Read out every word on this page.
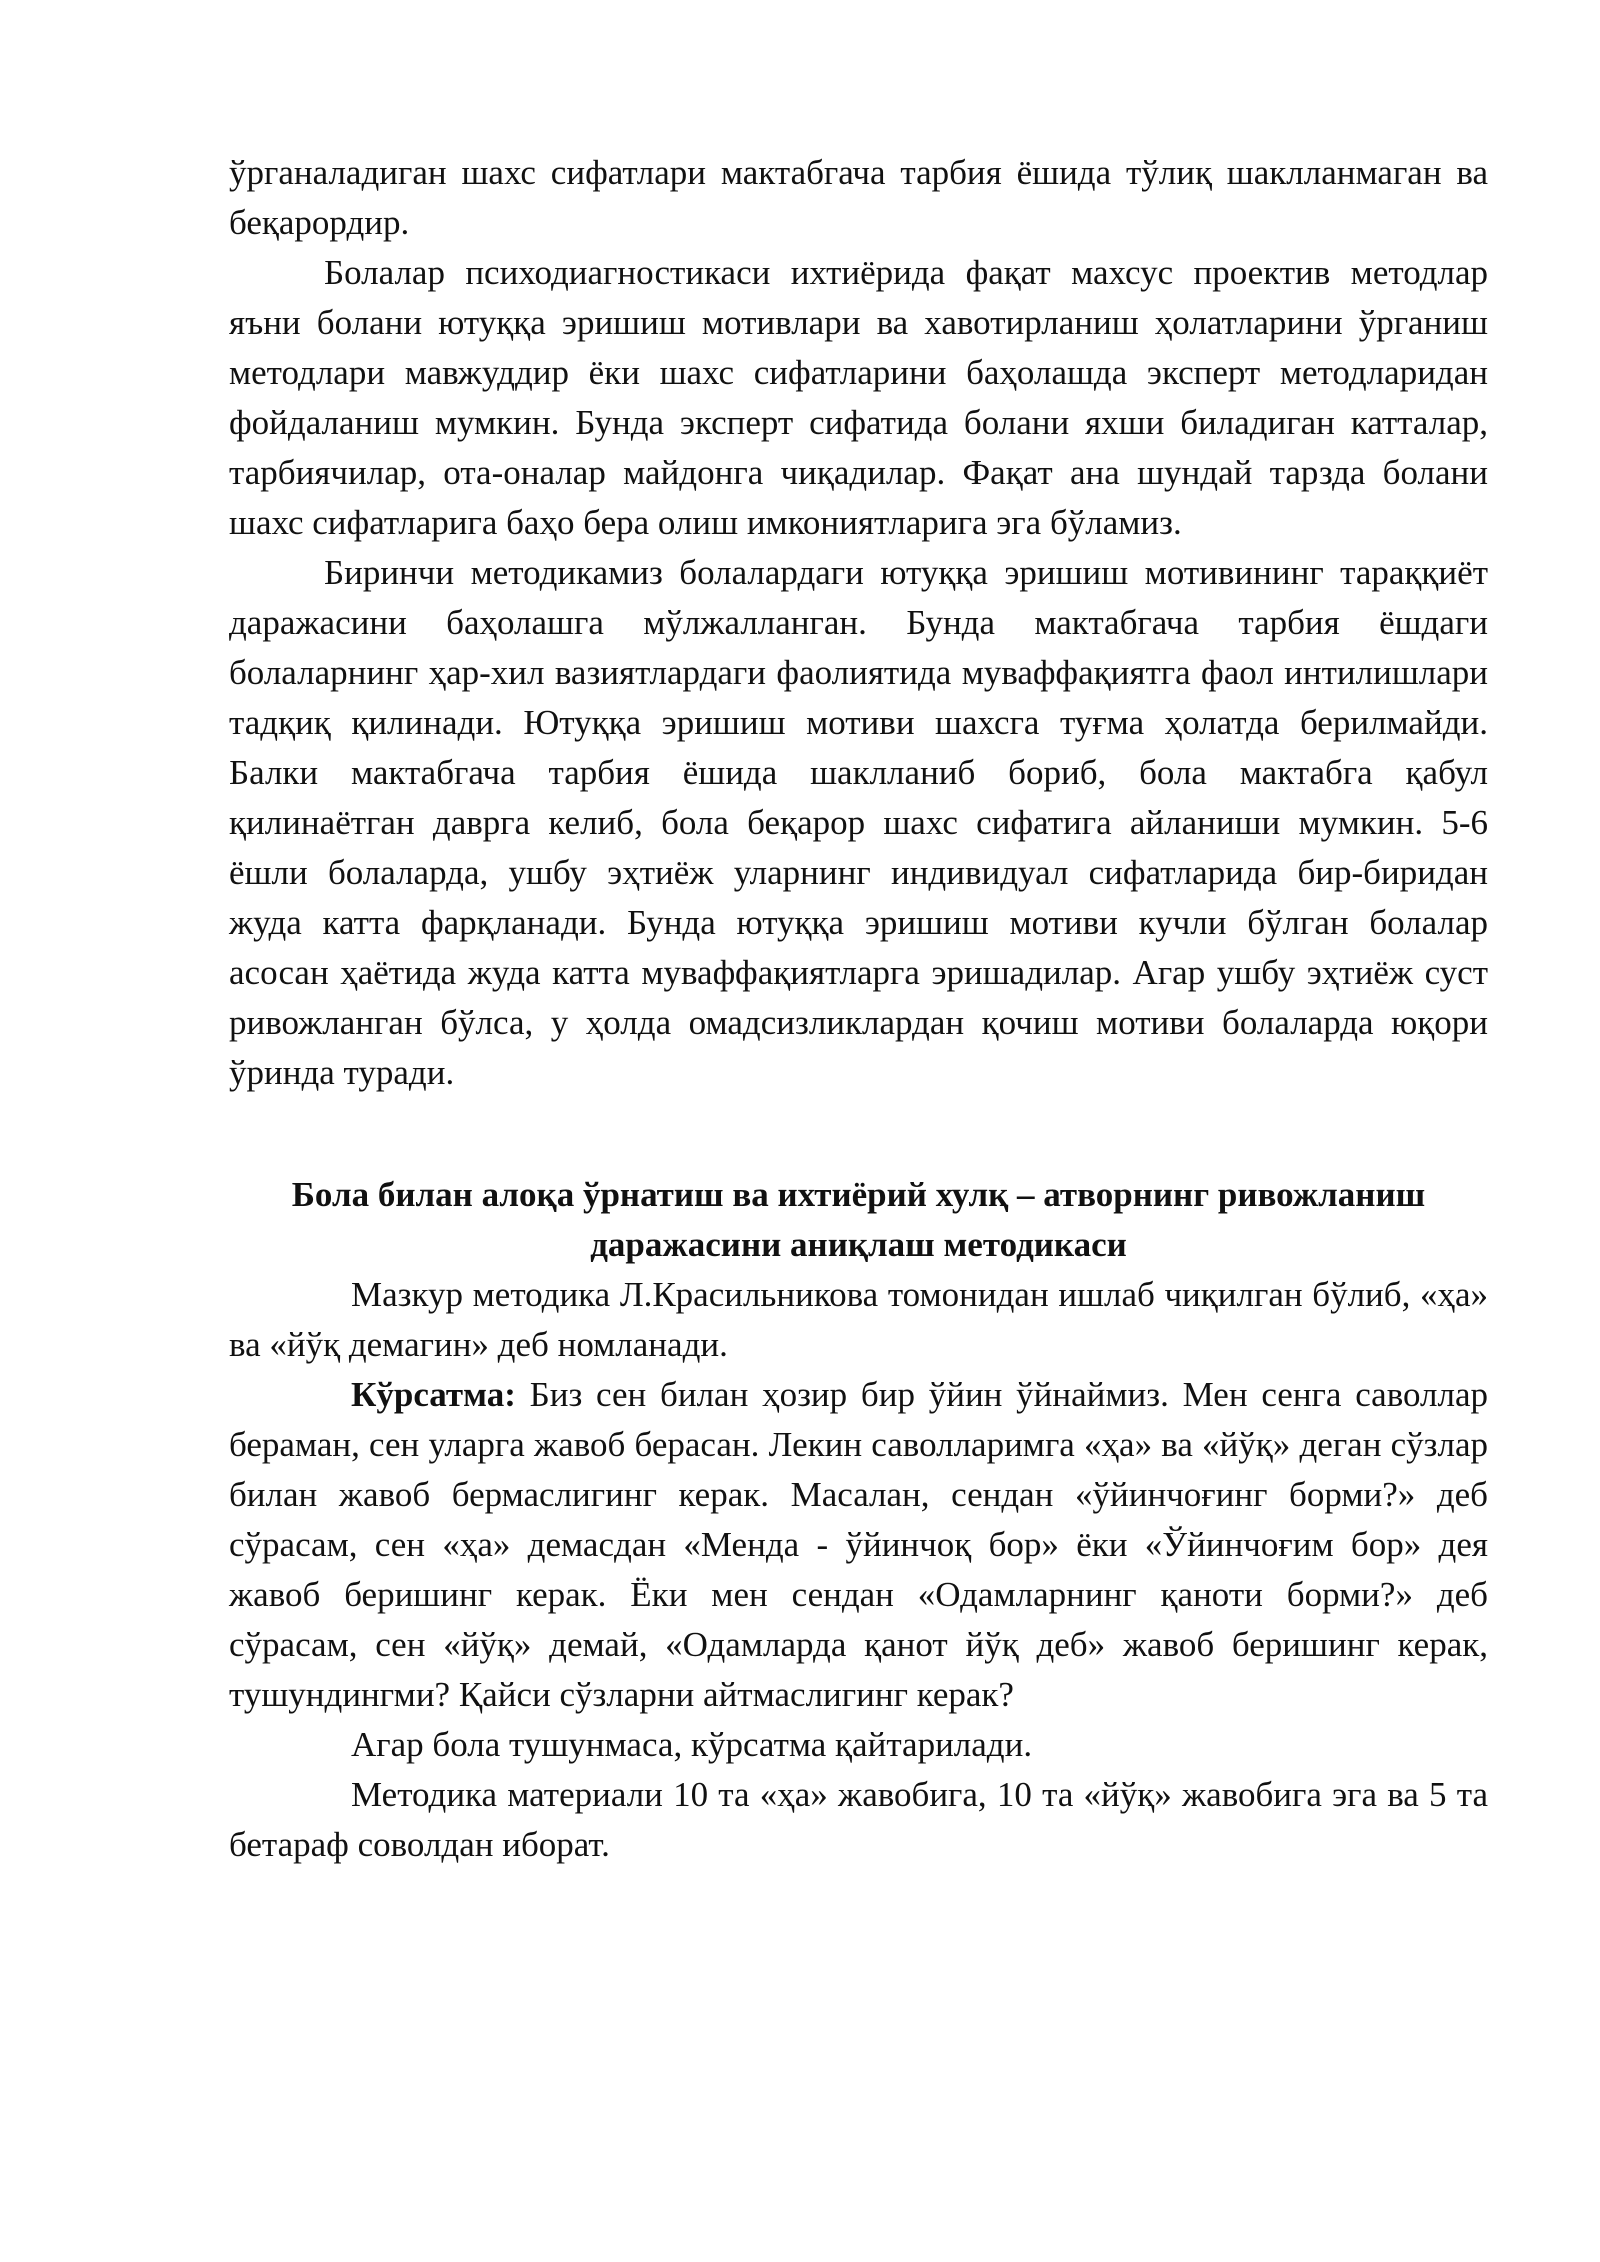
ўрганаладиган шахс сифатлари мактабгача тарбия ёшида тўлиқ шаклланмаган ва беқарордир.

Болалар психодиагностикаси ихтиёрида фақат махсус проектив методлар яъни болани ютуққа эришиш мотивлари ва хавотирланиш ҳолатларини ўрганиш методлари мавжуддир ёки шахс сифатларини баҳолашда эксперт методларидан фойдаланиш мумкин. Бунда эксперт сифатида болани яхши биладиган катталар, тарбиячилар, ота-оналар майдонга чиқадилар. Фақат ана шундай тарзда болани шахс сифатларига баҳо бера олиш имкониятларига эга бўламиз.

Биринчи методикамиз болалардаги ютуққа эришиш мотивининг тараққиёт даражасини баҳолашга мўлжалланган. Бунда мактабгача тарбия ёшдаги болаларнинг ҳар-хил вазиятлардаги фаолиятида муваффақиятга фаол интилишлари тадқиқ қилинади. Ютуққа эришиш мотиви шахсга туғма ҳолатда берилмайди. Балки мактабгача тарбия ёшида шаклланиб бориб, бола мактабга қабул қилинаётган даврга келиб, бола беқарор шахс сифатига айланиши мумкин. 5-6 ёшли болаларда, ушбу эҳтиёж уларнинг индивидуал сифатларида бир-биридан жуда катта фарқланади. Бунда ютуққа эришиш мотиви кучли бўлган болалар асосан ҳаётида жуда катта муваффақиятларга эришадилар. Агар ушбу эҳтиёж суст ривожланган бўлса, у ҳолда омадсизликлардан қочиш мотиви болаларда юқори ўринда туради.

Бола билан алоқа ўрнатиш ва ихтиёрий хулқ – атворнинг ривожланиш
даражасини аниқлаш методикаси

Мазкур методика Л.Красильникова томонидан ишлаб чиқилган бўлиб, «ҳа» ва «йўқ демагин» деб номланади.

Кўрсатма: Биз сен билан ҳозир бир ўйин ўйнаймиз. Мен сенга саволлар бераман, сен уларга жавоб берасан. Лекин саволларимга «ҳа» ва «йўқ» деган сўзлар билан жавоб бермаслигинг керак. Масалан, сендан «ўйинчоғинг борми?» деб сўрасам, сен «ҳа» демасдан «Менда - ўйинчоқ бор» ёки «Ўйинчоғим бор» дея жавоб беришинг керак. Ёки мен сендан «Одамларнинг қаноти борми?» деб сўрасам, сен «йўқ» демай, «Одамларда қанот йўқ деб» жавоб беришинг керак, тушундингми? Қайси сўзларни айтмаслигинг керак?

Агар бола тушунмаса, кўрсатма қайтарилади.

Методика материали 10 та «ҳа» жавобига, 10 та «йўқ» жавобига эга ва 5 та бетараф соволдан иборат.
